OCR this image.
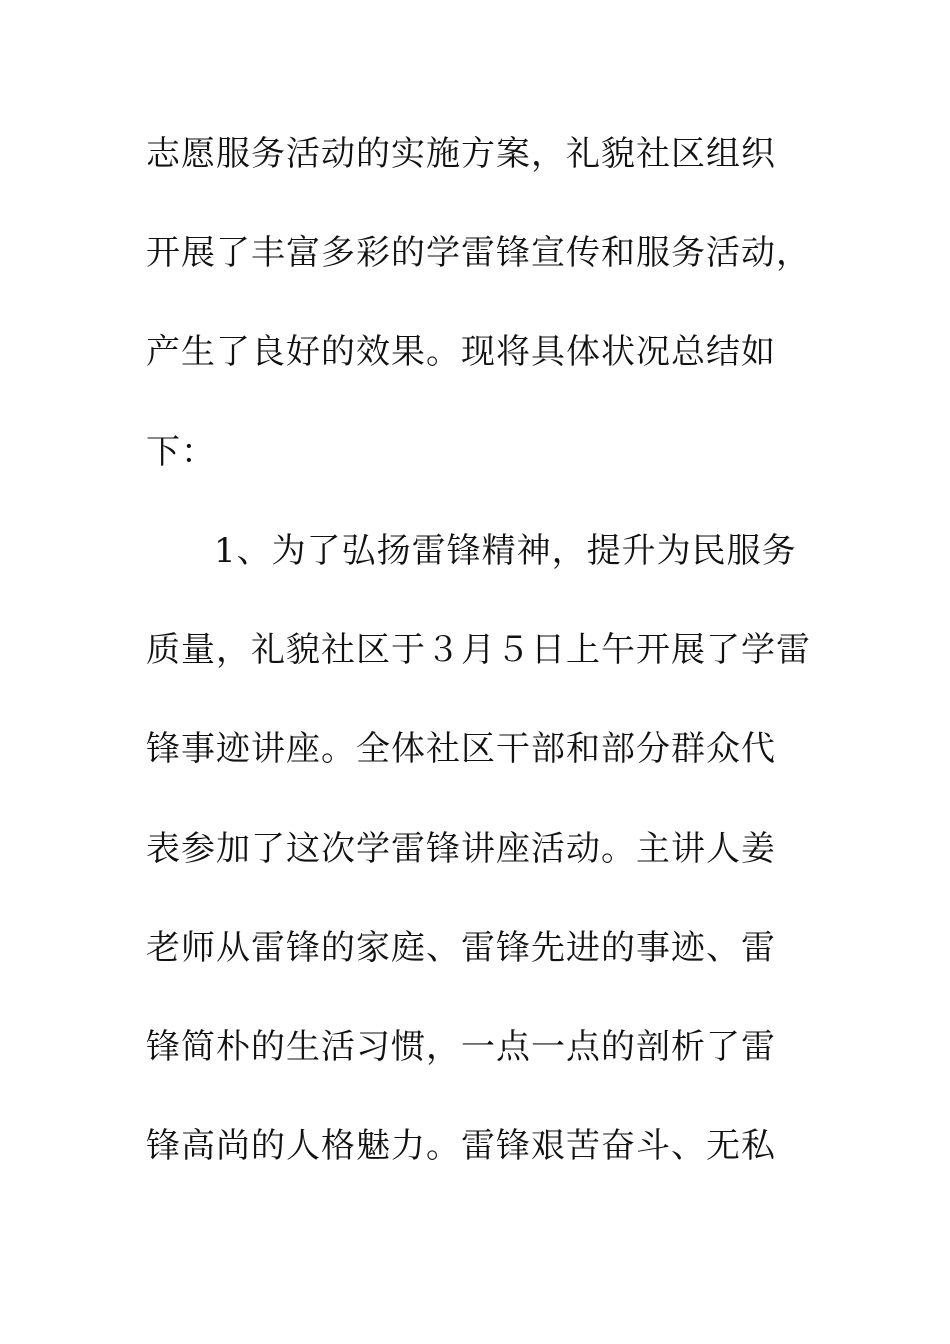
志愿服务活动的实施方案，礼貌社区组织
开展了丰富多彩的学雷锋宣传和服务活动，
产生了良好的效果。现将具体状况总结如
下：
1、为了弘扬雷锋精神，提升为民服务
质量，礼貌社区于３月５日上午开展了学雷
锋事迹讲座。全体社区干部和部分群众代
表参加了这次学雷锋讲座活动。主讲人姜
老师从雷锋的家庭、雷锋先进的事迹、雷
锋简朴的生活习惯，一点一点的剖析了雷
锋高尚的人格魅力。雷锋艰苦奋斗、无私
